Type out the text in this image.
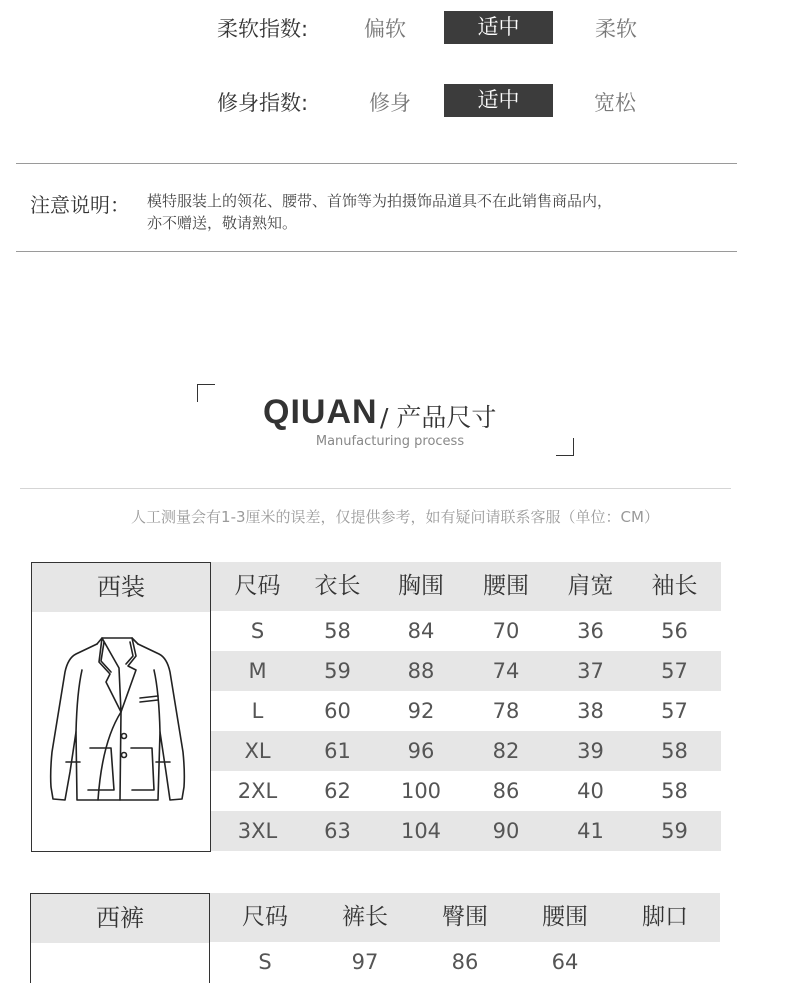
柔软指数:	偏软	适中	柔软
修身指数:	修身	适中	宽松
注意说明： 模特服装上的领花、腰带、首饰等为拍摄饰品道具不在此销售商品内，
亦不赠送，敬请熟知。
QIUAN / 产品尺寸
Manufacturing process
人工测量会有1-3厘米的误差，仅提供参考，如有疑问请联系客服（单位：CM）
西装	尺码	衣长	胸围	腰围	肩宽	袖长
S	58	84	70	36	56
M	59	88	74	37	57
L	60	92	78	38	57
XL	61	96	82	39	58
2XL	62	100	86	40	58
3XL	63	104	90	41	59
西裤	尺码	裤长	臀围	腰围	脚口
S	97	86	64
